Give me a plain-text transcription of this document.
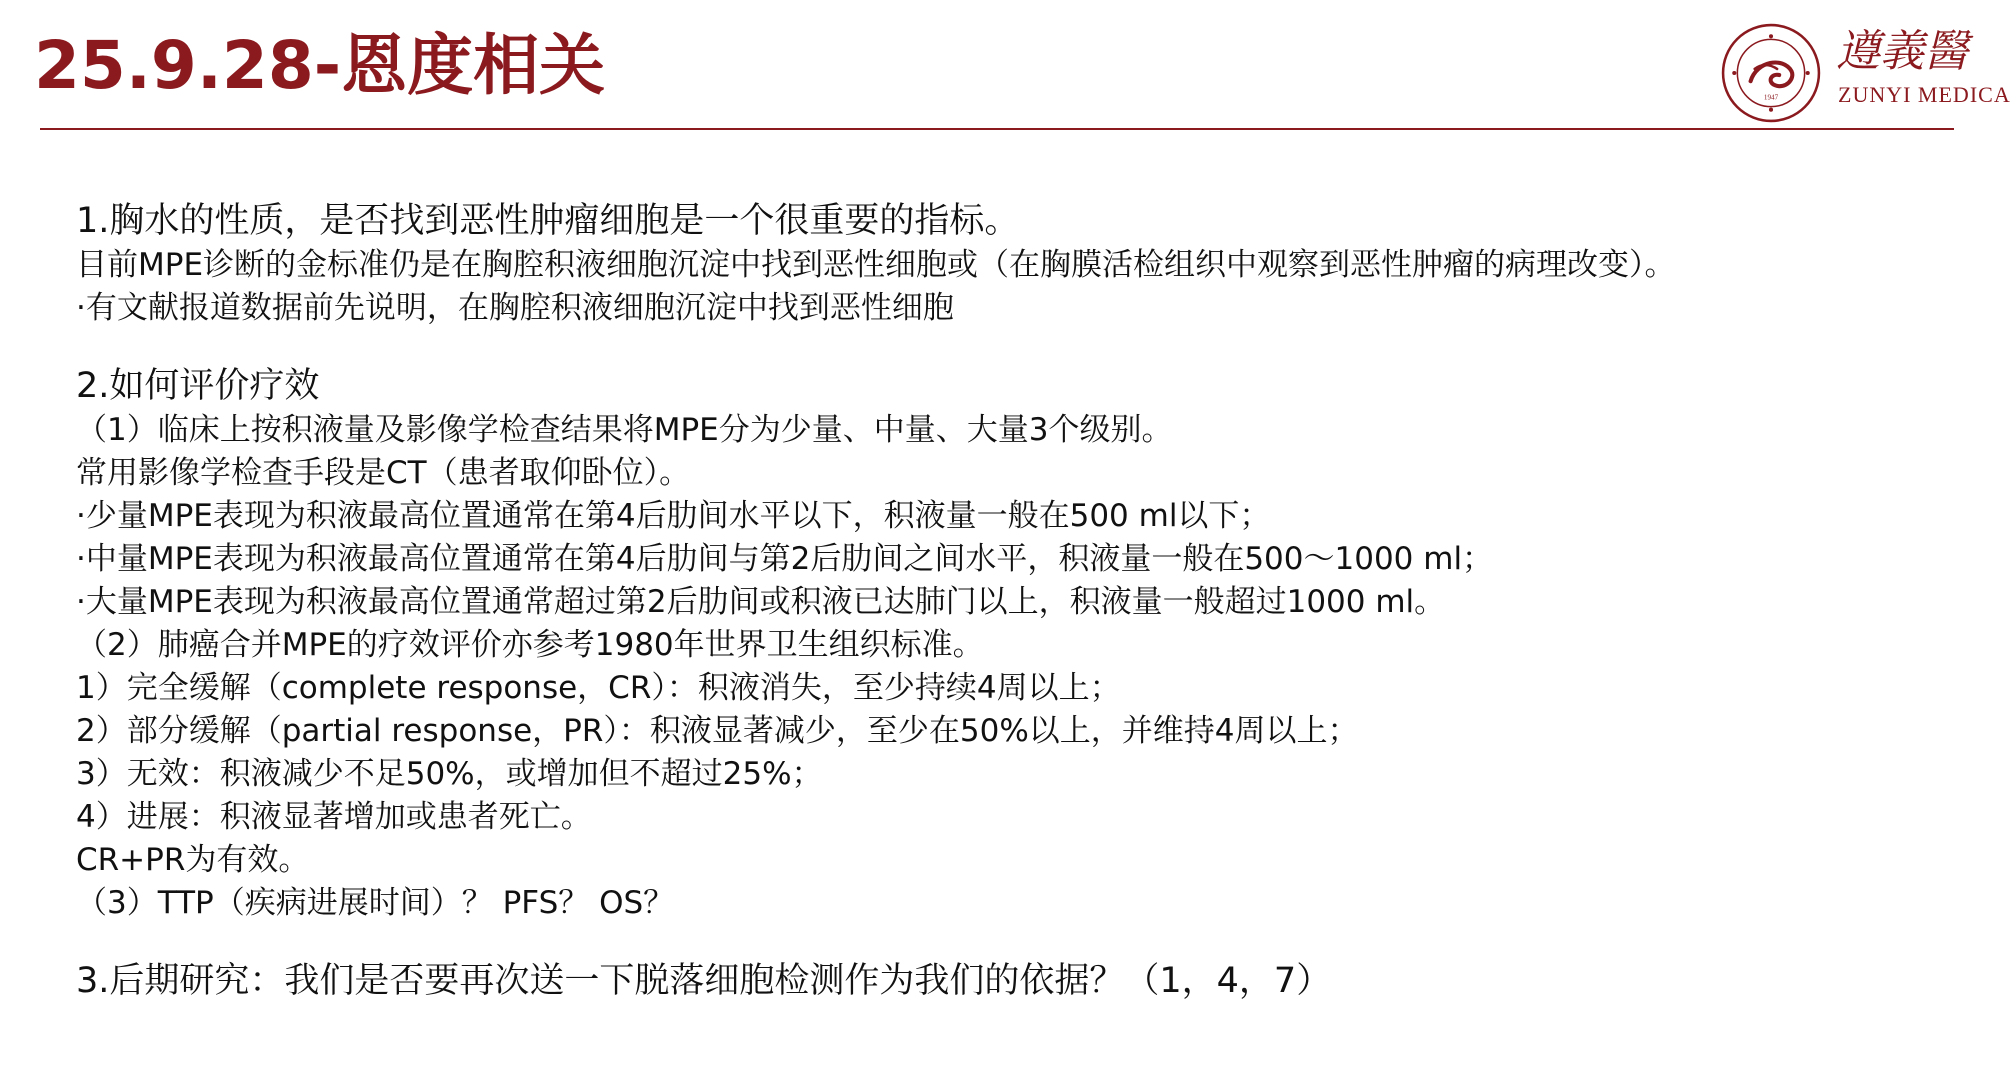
25.9.28-恩度相关	1947
遵義醫
ZUNYI MEDICA
1.胸水的性质，是否找到恶性肿瘤细胞是一个很重要的指标。
目前MPE诊断的金标准仍是在胸腔积液细胞沉淀中找到恶性细胞或（在胸膜活检组织中观察到恶性肿瘤的病理改变）。
·有文献报道数据前先说明，在胸腔积液细胞沉淀中找到恶性细胞
2.如何评价疗效
（1）临床上按积液量及影像学检查结果将MPE分为少量、中量、大量3个级别。
常用影像学检查手段是CT（患者取仰卧位）。
·少量MPE表现为积液最高位置通常在第4后肋间水平以下，积液量一般在500 ml以下；
·中量MPE表现为积液最高位置通常在第4后肋间与第2后肋间之间水平，积液量一般在500～1000 ml；
·大量MPE表现为积液最高位置通常超过第2后肋间或积液已达肺门以上，积液量一般超过1000 ml。
（2）肺癌合并MPE的疗效评价亦参考1980年世界卫生组织标准。
1）完全缓解（complete response，CR）：积液消失，至少持续4周以上；
2）部分缓解（partial response，PR）：积液显著减少，至少在50%以上，并维持4周以上；
3）无效：积液减少不足50%，或增加但不超过25%；
4）进展：积液显著增加或患者死亡。
CR+PR为有效。
（3）TTP（疾病进展时间）？ PFS？ OS？
3.后期研究：我们是否要再次送一下脱落细胞检测作为我们的依据？（1，4，7）
